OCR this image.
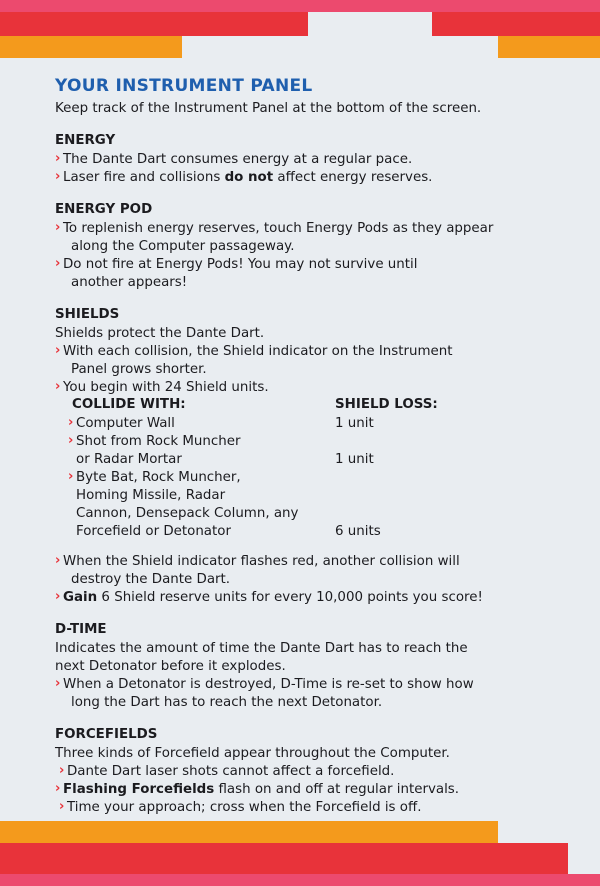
YOUR INSTRUMENT PANEL

Keep track of the Instrument Panel at the bottom of the screen.

ENERGY

› The Dante Dart consumes energy at a regular pace.

› Laser fire and collisions do not affect energy reserves.

ENERGY POD

› To replenish energy reserves, touch Energy Pods as they appear

along the Computer passageway.

› Do not fire at Energy Pods! You may not survive until

another appears!

SHIELDS

Shields protect the Dante Dart.

› With each collision, the Shield indicator on the Instrument

Panel grows shorter.

› You begin with 24 Shield units.

COLLIDE WITH:	SHIELD LOSS:
› Computer Wall	1 unit
› Shot from Rock Muncher
or Radar Mortar	1 unit
› Byte Bat, Rock Muncher,
Homing Missile, Radar
Cannon, Densepack Column, any
Forcefield or Detonator	6 units

› When the Shield indicator flashes red, another collision will

destroy the Dante Dart.

› Gain 6 Shield reserve units for every 10,000 points you score!

D-TIME

Indicates the amount of time the Dante Dart has to reach the

next Detonator before it explodes.

› When a Detonator is destroyed, D-Time is re-set to show how

long the Dart has to reach the next Detonator.

FORCEFIELDS

Three kinds of Forcefield appear throughout the Computer.

› Dante Dart laser shots cannot affect a forcefield.

› Flashing Forcefields flash on and off at regular intervals.

› Time your approach; cross when the Forcefield is off.
